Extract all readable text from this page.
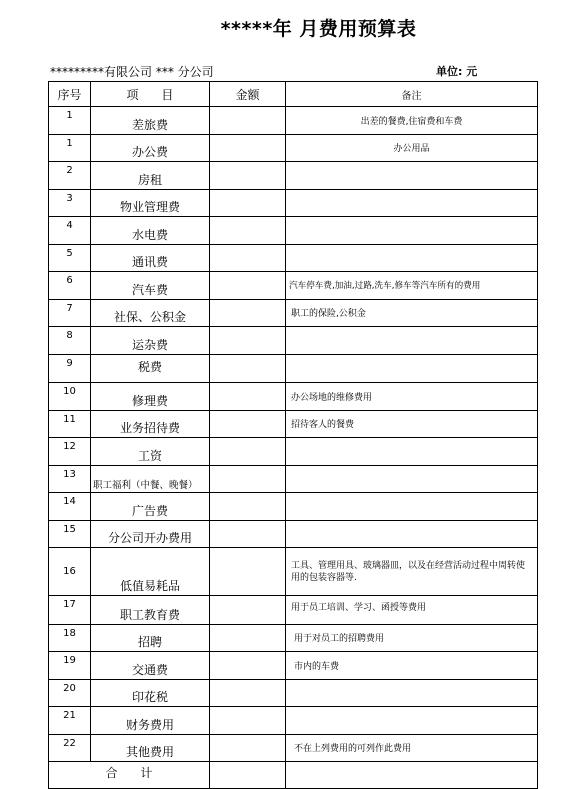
*****年 月费用预算表
*********有限公司 *** 分公司	单位: 元
序号	项      目	金额	备注
1	差旅费		出差的餐费,住宿费和车费
1	办公费		办公用品
2	房租		
3	物业管理费		
4	水电费		
5	通讯费		
6	汽车费		汽车停车费,加油,过路,洗车,修车等汽车所有的费用
7	社保、公积金		职工的保险,公积金
8	运杂费		
9	税费		
10	修理费		办公场地的维修费用
11	业务招待费		招待客人的餐费
12	工资		
13	职工福利（中餐、晚餐）		
14	广告费		
15	分公司开办费用		
16	低值易耗品		工具、管理用具、玻璃器皿，以及在经营活动过程中周转使用的包装容器等.
17	职工教育费		用于员工培训、学习、函授等费用
18	招聘		用于对员工的招聘费用
19	交通费		市内的车费
20	印花税		
21	财务费用		
22	其他费用		不在上列费用的可列作此费用
合      计			
